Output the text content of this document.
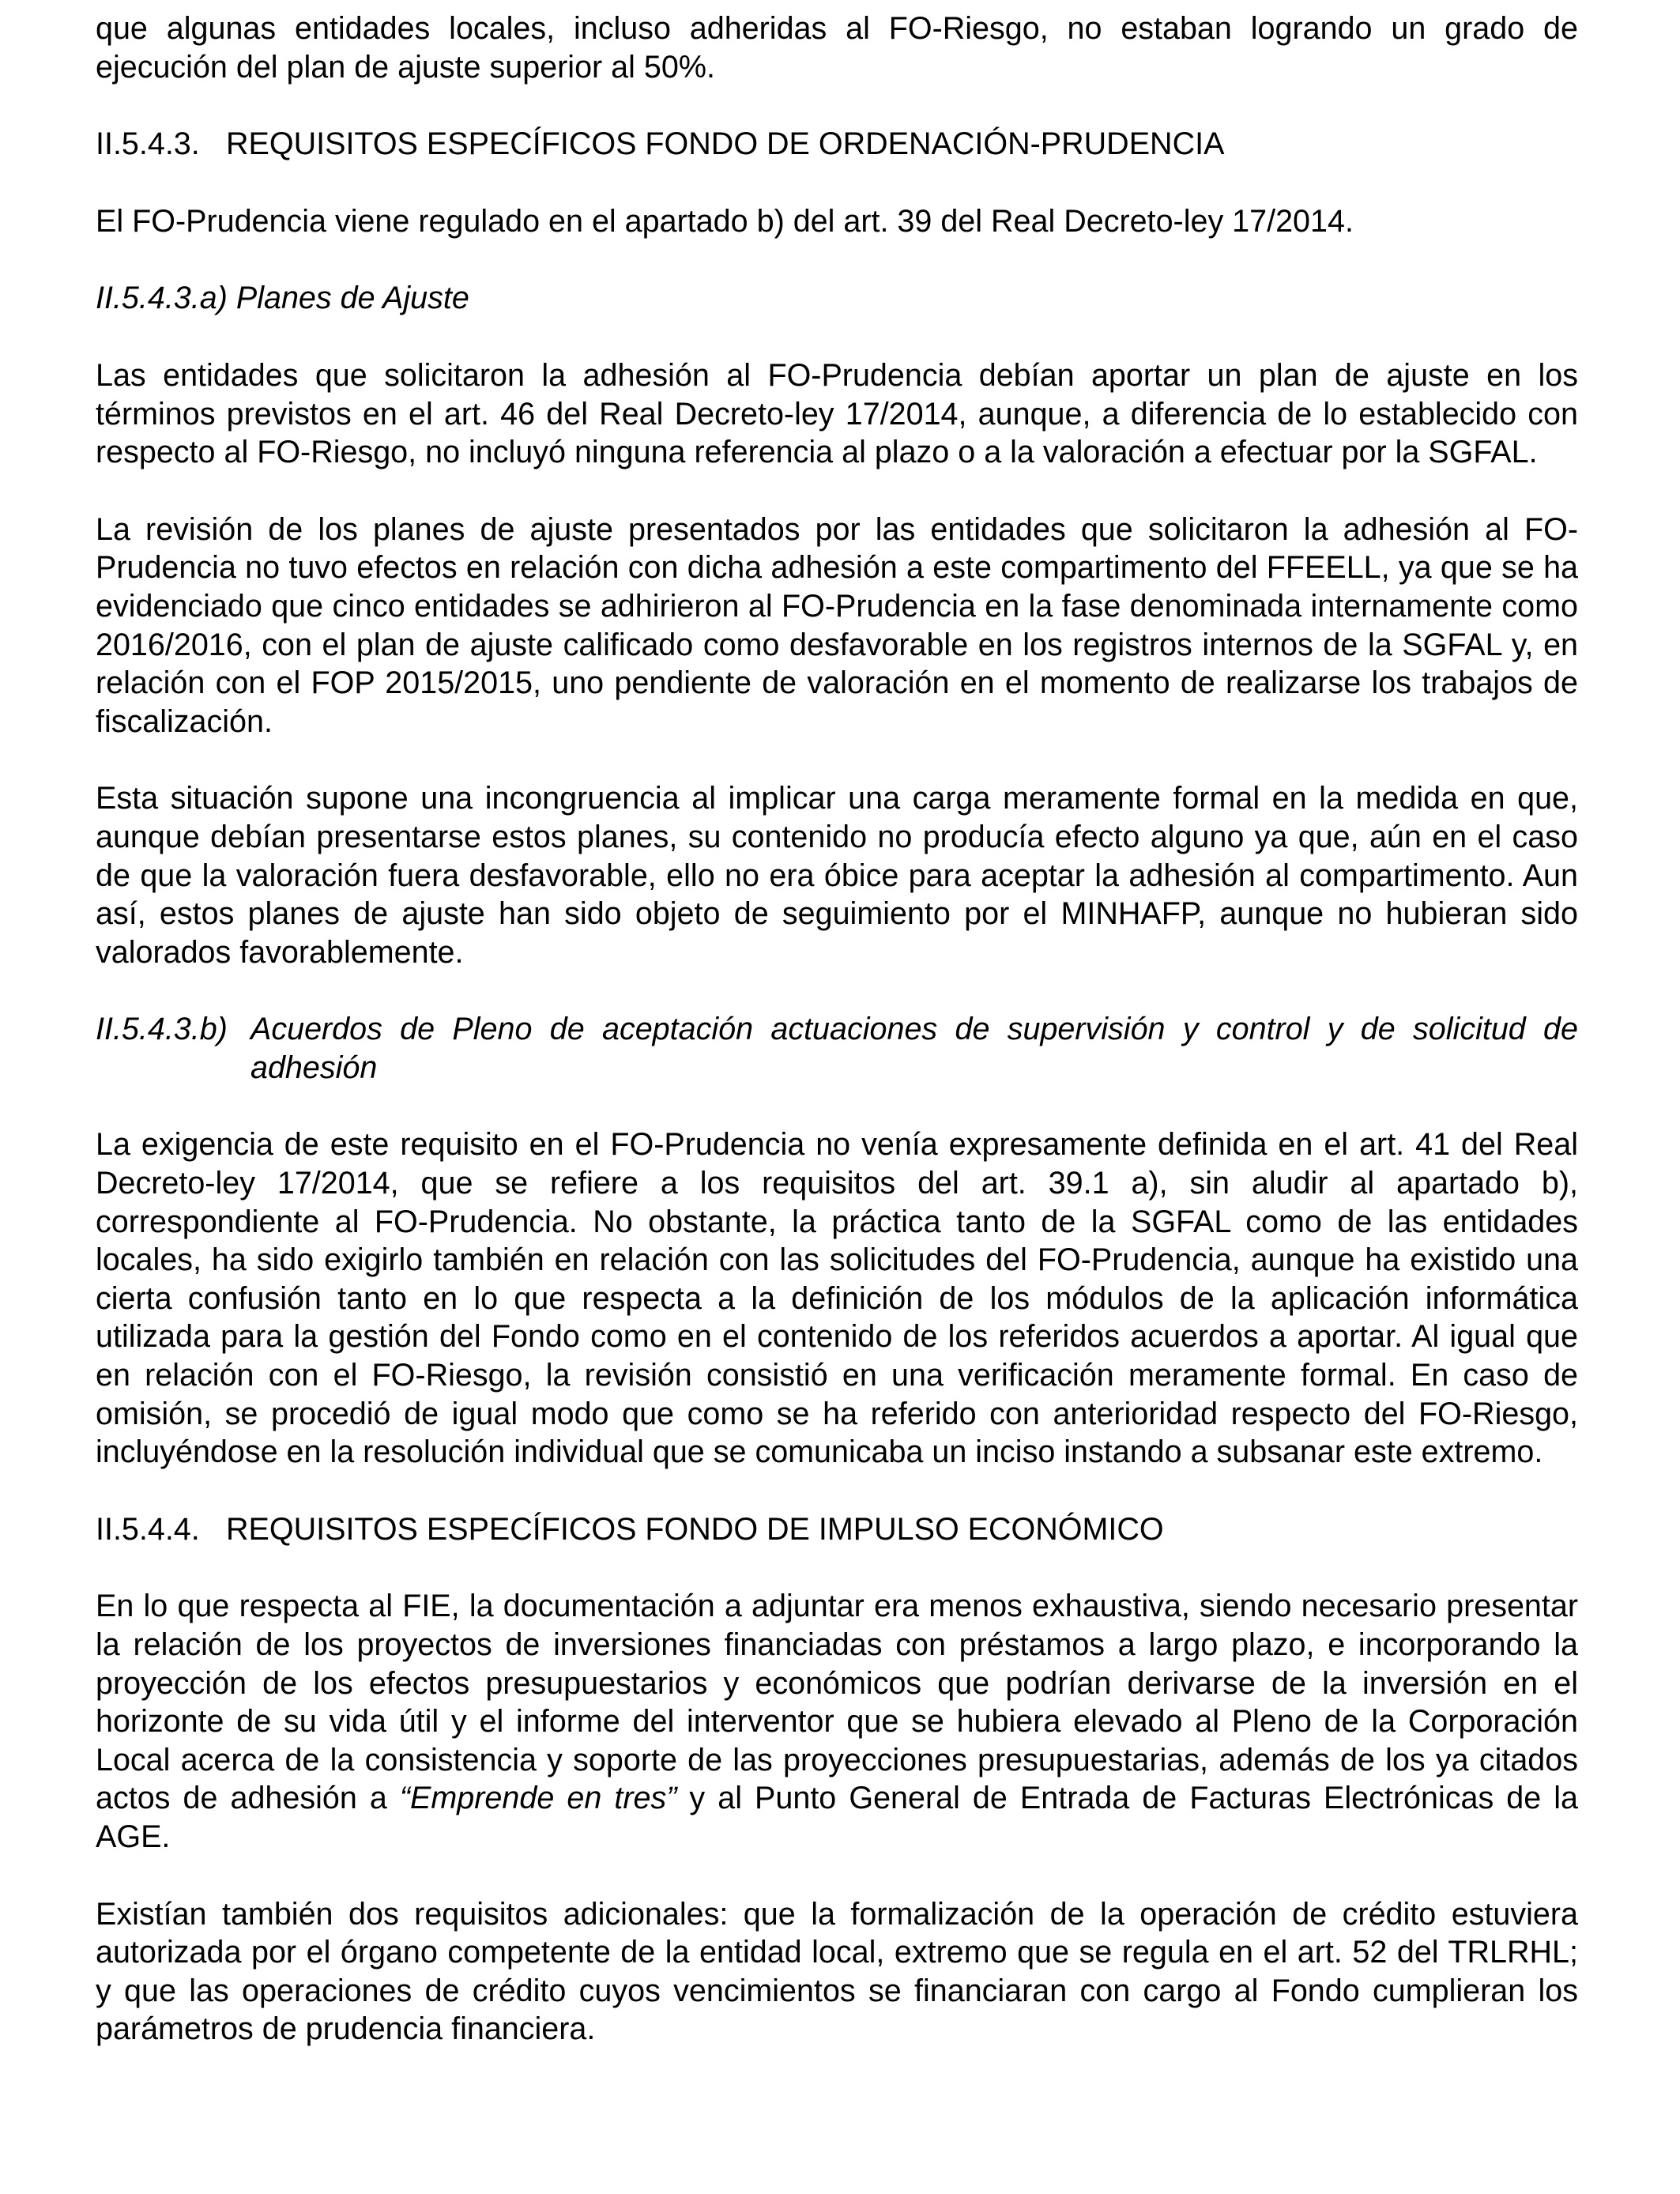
que algunas entidades locales, incluso adheridas al FO-Riesgo, no estaban logrando un grado de ejecución del plan de ajuste superior al 50%.

II.5.4.3. REQUISITOS ESPECÍFICOS FONDO DE ORDENACIÓN-PRUDENCIA

El FO-Prudencia viene regulado en el apartado b) del art. 39 del Real Decreto-ley 17/2014.

II.5.4.3.a) Planes de Ajuste

Las entidades que solicitaron la adhesión al FO-Prudencia debían aportar un plan de ajuste en los términos previstos en el art. 46 del Real Decreto-ley 17/2014, aunque, a diferencia de lo establecido con respecto al FO-Riesgo, no incluyó ninguna referencia al plazo o a la valoración a efectuar por la SGFAL.

La revisión de los planes de ajuste presentados por las entidades que solicitaron la adhesión al FO-Prudencia no tuvo efectos en relación con dicha adhesión a este compartimento del FFEELL, ya que se ha evidenciado que cinco entidades se adhirieron al FO-Prudencia en la fase denominada internamente como 2016/2016, con el plan de ajuste calificado como desfavorable en los registros internos de la SGFAL y, en relación con el FOP 2015/2015, uno pendiente de valoración en el momento de realizarse los trabajos de fiscalización.

Esta situación supone una incongruencia al implicar una carga meramente formal en la medida en que, aunque debían presentarse estos planes, su contenido no producía efecto alguno ya que, aún en el caso de que la valoración fuera desfavorable, ello no era óbice para aceptar la adhesión al compartimento. Aun así, estos planes de ajuste han sido objeto de seguimiento por el MINHAFP, aunque no hubieran sido valorados favorablemente.

II.5.4.3.b) Acuerdos de Pleno de aceptación actuaciones de supervisión y control y de solicitud de adhesión

La exigencia de este requisito en el FO-Prudencia no venía expresamente definida en el art. 41 del Real Decreto-ley 17/2014, que se refiere a los requisitos del art. 39.1 a), sin aludir al apartado b), correspondiente al FO-Prudencia. No obstante, la práctica tanto de la SGFAL como de las entidades locales, ha sido exigirlo también en relación con las solicitudes del FO-Prudencia, aunque ha existido una cierta confusión tanto en lo que respecta a la definición de los módulos de la aplicación informática utilizada para la gestión del Fondo como en el contenido de los referidos acuerdos a aportar. Al igual que en relación con el FO-Riesgo, la revisión consistió en una verificación meramente formal. En caso de omisión, se procedió de igual modo que como se ha referido con anterioridad respecto del FO-Riesgo, incluyéndose en la resolución individual que se comunicaba un inciso instando a subsanar este extremo.

II.5.4.4. REQUISITOS ESPECÍFICOS FONDO DE IMPULSO ECONÓMICO

En lo que respecta al FIE, la documentación a adjuntar era menos exhaustiva, siendo necesario presentar la relación de los proyectos de inversiones financiadas con préstamos a largo plazo, e incorporando la proyección de los efectos presupuestarios y económicos que podrían derivarse de la inversión en el horizonte de su vida útil y el informe del interventor que se hubiera elevado al Pleno de la Corporación Local acerca de la consistencia y soporte de las proyecciones presupuestarias, además de los ya citados actos de adhesión a “Emprende en tres” y al Punto General de Entrada de Facturas Electrónicas de la AGE.

Existían también dos requisitos adicionales: que la formalización de la operación de crédito estuviera autorizada por el órgano competente de la entidad local, extremo que se regula en el art. 52 del TRLRHL; y que las operaciones de crédito cuyos vencimientos se financiaran con cargo al Fondo cumplieran los parámetros de prudencia financiera.
